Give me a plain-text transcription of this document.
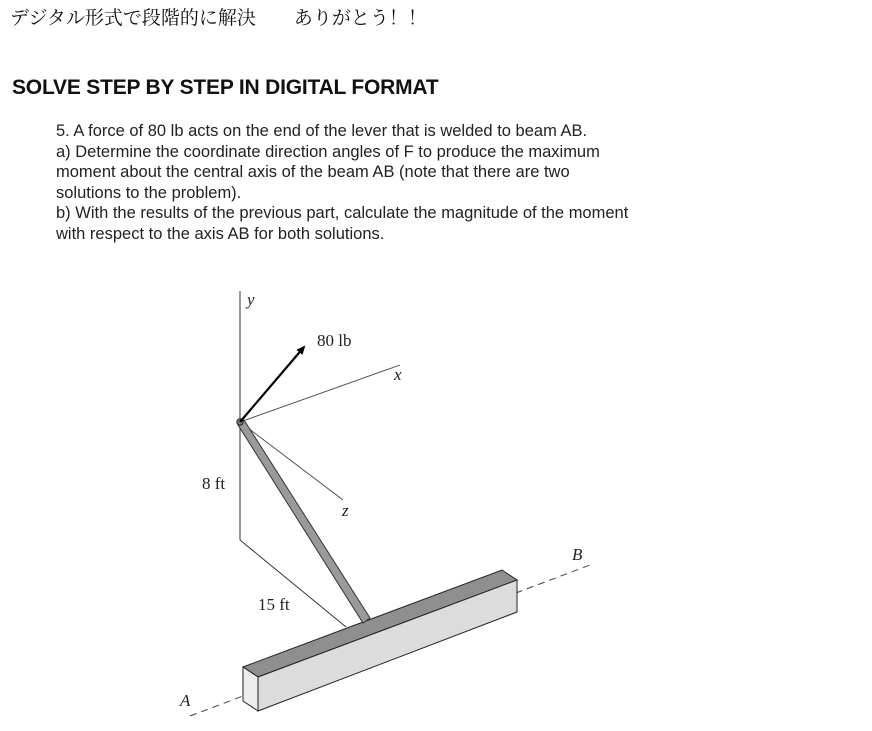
デジタル形式で段階的に解決　　ありがとう！！
SOLVE STEP BY STEP IN DIGITAL FORMAT
5. A force of 80 lb acts on the end of the lever that is welded to beam AB.
a) Determine the coordinate direction angles of F to produce the maximum
moment about the central axis of the beam AB (note that there are two
solutions to the problem).
b) With the results of the previous part, calculate the magnitude of the moment
with respect to the axis AB for both solutions.
y
80 lb
x
z
8 ft
15 ft
A
B
